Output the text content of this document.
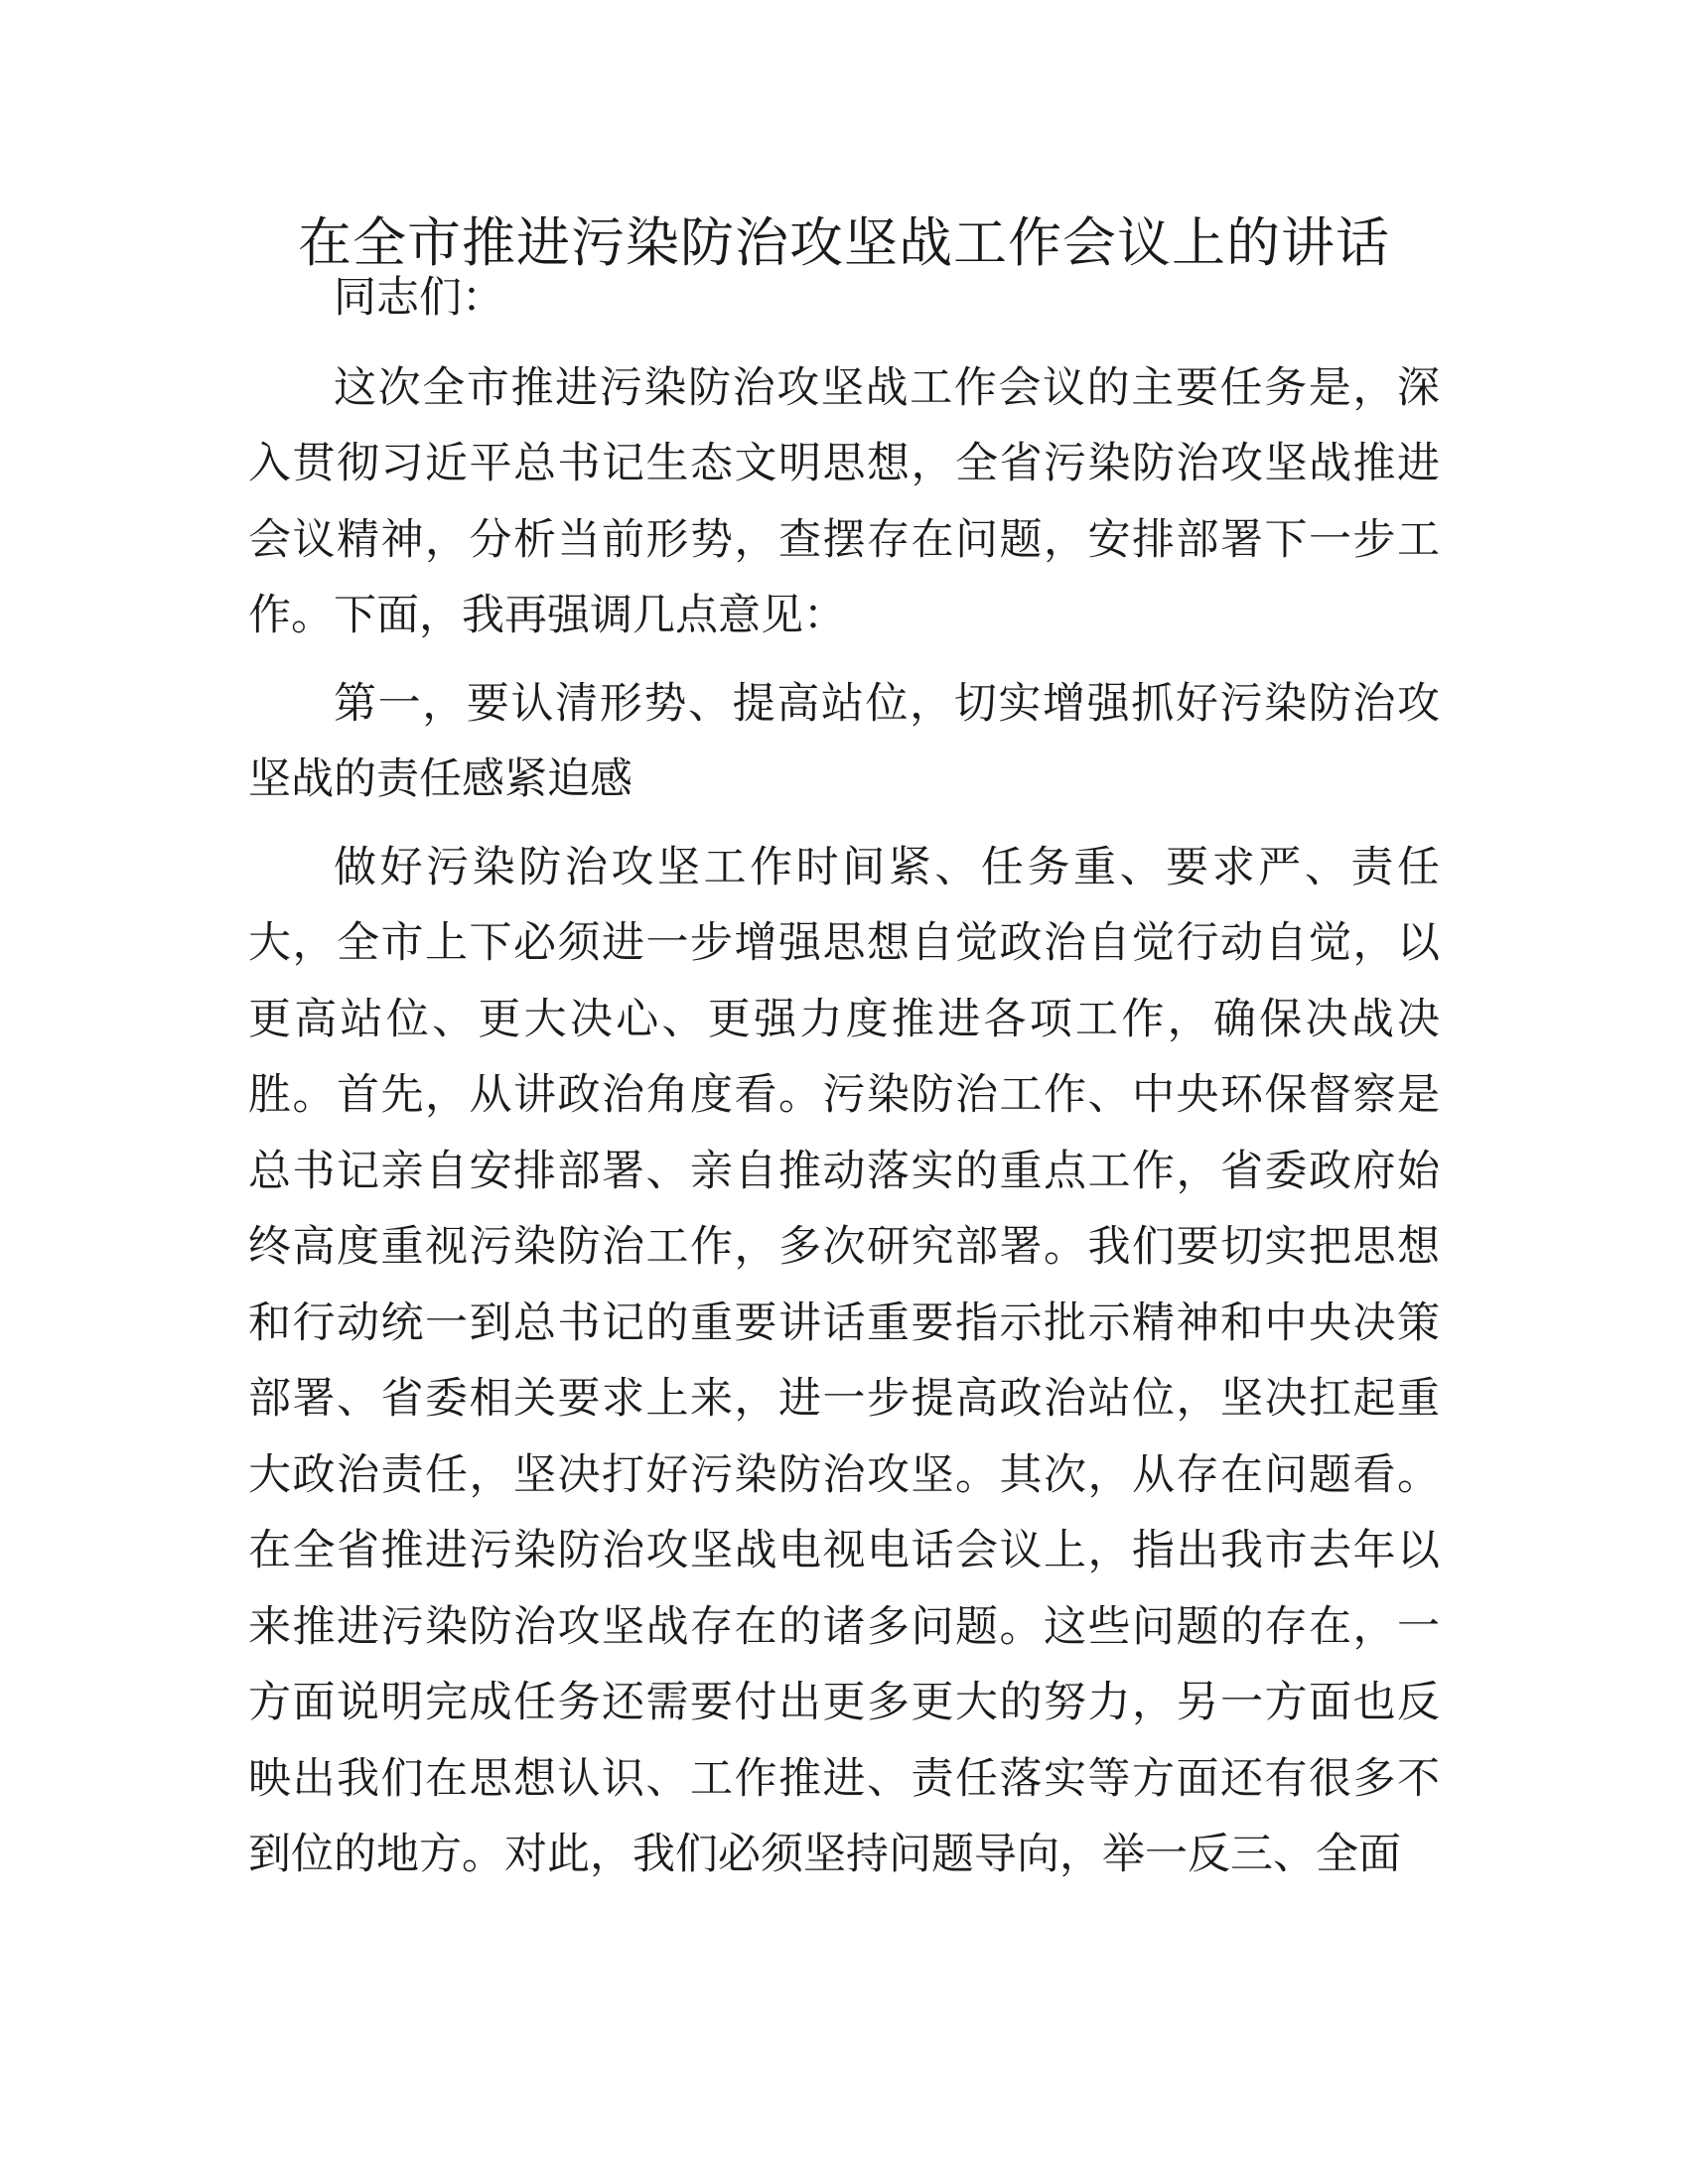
在全市推进污染防治攻坚战工作会议上的讲话

同志们：

这次全市推进污染防治攻坚战工作会议的主要任务是，深入贯彻习近平总书记生态文明思想，全省污染防治攻坚战推进会议精神，分析当前形势，查摆存在问题，安排部署下一步工作。下面，我再强调几点意见：

第一，要认清形势、提高站位，切实增强抓好污染防治攻坚战的责任感紧迫感

做好污染防治攻坚工作时间紧、任务重、要求严、责任大，全市上下必须进一步增强思想自觉政治自觉行动自觉，以更高站位、更大决心、更强力度推进各项工作，确保决战决胜。首先，从讲政治角度看。污染防治工作、中央环保督察是总书记亲自安排部署、亲自推动落实的重点工作，省委政府始终高度重视污染防治工作，多次研究部署。我们要切实把思想和行动统一到总书记的重要讲话重要指示批示精神和中央决策部署、省委相关要求上来，进一步提高政治站位，坚决扛起重大政治责任，坚决打好污染防治攻坚。其次，从存在问题看。在全省推进污染防治攻坚战电视电话会议上，指出我市去年以来推进污染防治攻坚战存在的诸多问题。这些问题的存在，一方面说明完成任务还需要付出更多更大的努力，另一方面也反映出我们在思想认识、工作推进、责任落实等方面还有很多不到位的地方。对此，我们必须坚持问题导向，举一反三、全面
